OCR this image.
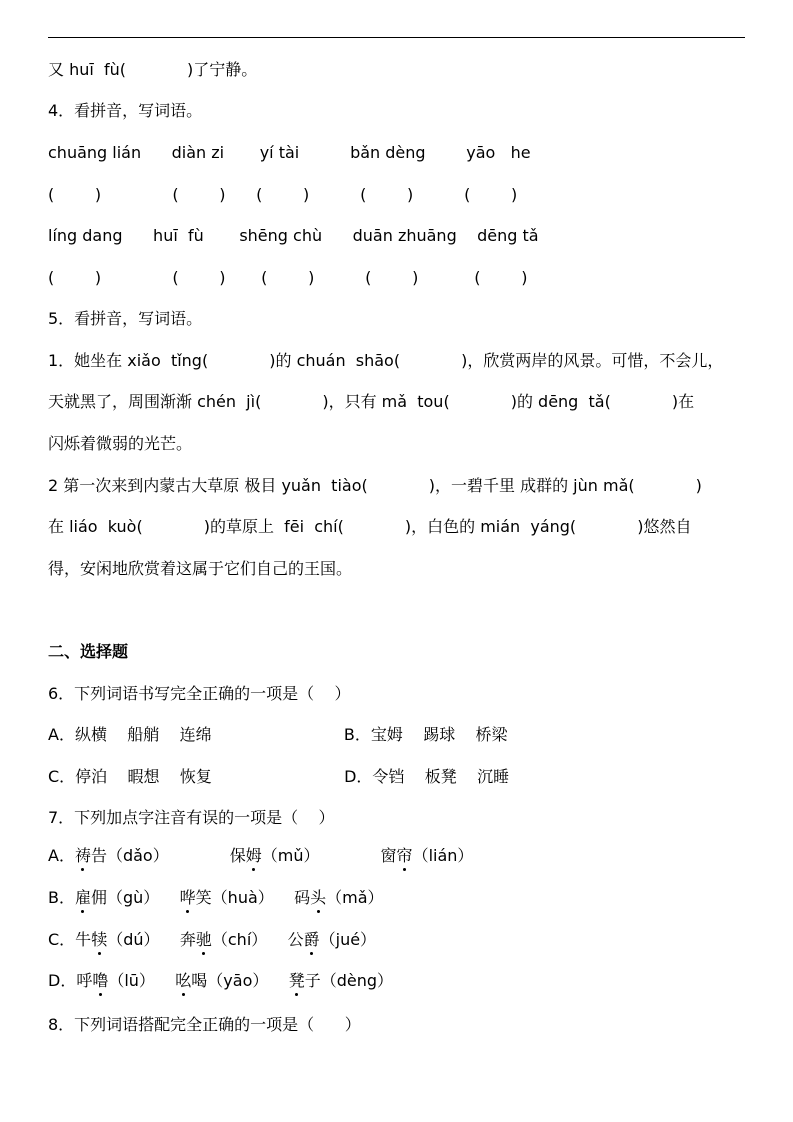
又 huī  fù(            )了宁静。
4．看拼音，写词语。
chuāng lián      diàn zi       yí tài          bǎn dèng        yāo   he
(        )              (        )      (        )          (        )          (        )
líng dang      huī  fù       shēng chù      duān zhuāng    dēng tǎ
(        )              (        )       (        )          (        )           (        )
5．看拼音，写词语。
1．她坐在 xiǎo  tǐng(            )的 chuán  shāo(            )，欣赏两岸的风景。可惜，不会儿，
天就黑了，周围渐渐 chén  jì(            )，只有 mǎ  tou(            )的 dēng  tǎ(            )在
闪烁着微弱的光芒。
2 第一次来到内蒙古大草原 极目 yuǎn  tiào(            )，一碧千里 成群的 jùn mǎ(            )
在 liáo  kuò(            )的草原上  fēi  chí(            )，白色的 mián  yáng(            )悠然自
得，安闲地欣赏着这属于它们自己的王国。
二、选择题
6．下列词语书写完全正确的一项是（    ）
A．纵横    船艄    连绵                          B．宝姆    踢球    桥梁
C．停泊    暇想    恢复                          D．令铛    板凳    沉睡
7．下列加点字注音有误的一项是（    ）
A．祷告（dǎo）            保姆（mǔ）            窗帘（lián）
B．雇佣（gù）    哗笑（huà）    码头（mǎ）
C．牛犊（dú）    奔驰（chí）    公爵（jué）
D．呼噜（lū）    吆喝（yāo）    凳子（dèng）
8．下列词语搭配完全正确的一项是（      ）
